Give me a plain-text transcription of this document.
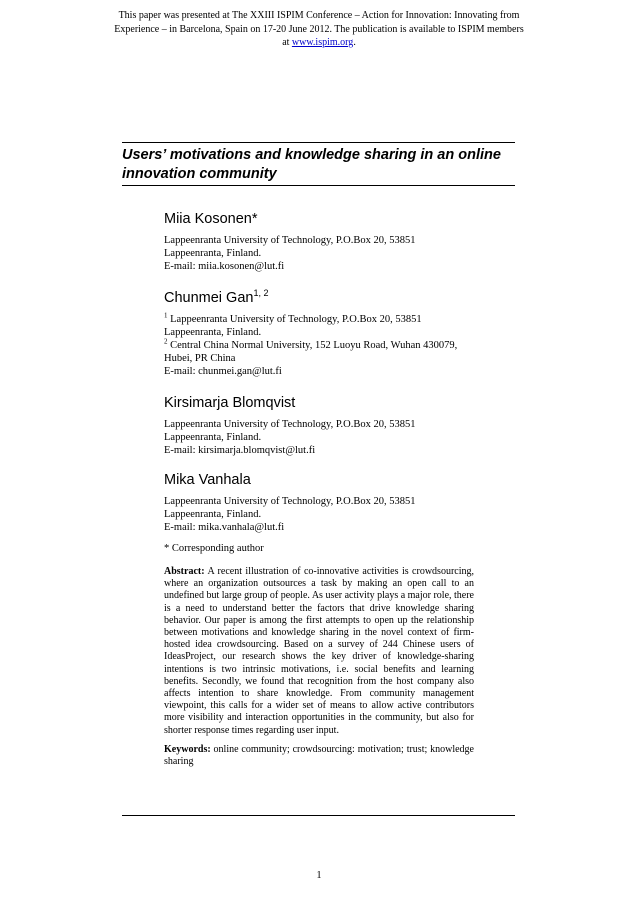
This paper was presented at The XXIII ISPIM Conference – Action for Innovation: Innovating from Experience – in Barcelona, Spain on 17-20 June 2012. The publication is available to ISPIM members at www.ispim.org.
Users’ motivations and knowledge sharing in an online innovation community
Miia Kosonen*
Lappeenranta University of Technology, P.O.Box 20, 53851
Lappeenranta, Finland.
E-mail: miia.kosonen@lut.fi
Chunmei Gan$^{1, 2}$
$^1$ Lappeenranta University of Technology, P.O.Box 20, 53851
Lappeenranta, Finland.
$^2$ Central China Normal University, 152 Luoyu Road, Wuhan 430079,
Hubei, PR China
E-mail: chunmei.gan@lut.fi
Kirsimarja Blomqvist
Lappeenranta University of Technology, P.O.Box 20, 53851
Lappeenranta, Finland.
E-mail: kirsimarja.blomqvist@lut.fi
Mika Vanhala
Lappeenranta University of Technology, P.O.Box 20, 53851
Lappeenranta, Finland.
E-mail: mika.vanhala@lut.fi
* Corresponding author
Abstract: A recent illustration of co-innovative activities is crowdsourcing, where an organization outsources a task by making an open call to an undefined but large group of people. As user activity plays a major role, there is a need to understand better the factors that drive knowledge sharing behavior. Our paper is among the first attempts to open up the relationship between motivations and knowledge sharing in the novel context of firm-hosted idea crowdsourcing. Based on a survey of 244 Chinese users of IdeasProject, our research shows the key driver of knowledge-sharing intentions is two intrinsic motivations, i.e. social benefits and learning benefits. Secondly, we found that recognition from the host company also affects intention to share knowledge. From community management viewpoint, this calls for a wider set of means to allow active contributors more visibility and interaction opportunities in the community, but also for shorter response times regarding user input.
Keywords: online community; crowdsourcing: motivation; trust; knowledge sharing
1
